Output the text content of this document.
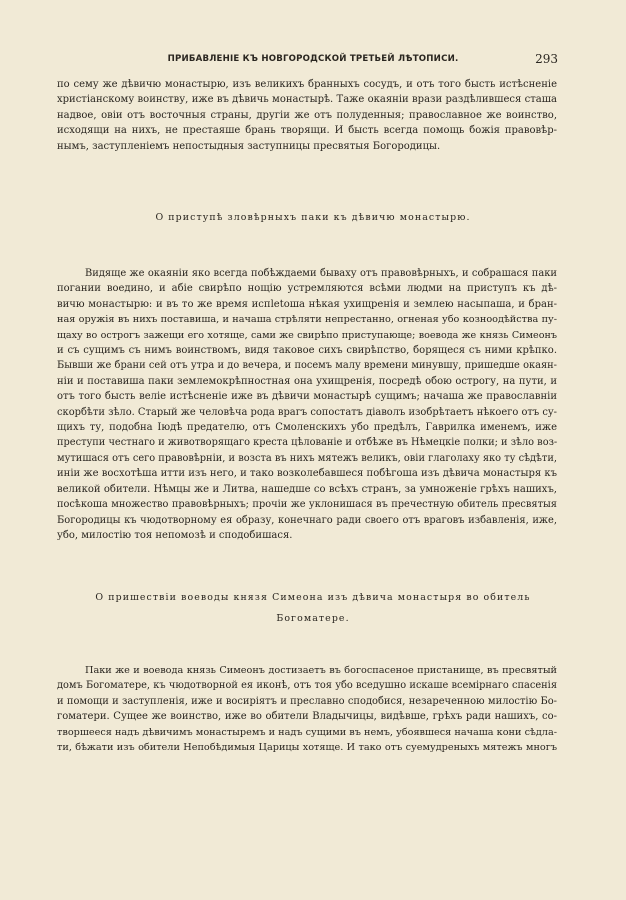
ПРИБАВЛЕНІЕ КЪ НОВГОРОДСКОЙ ТРЕТЬЕЙ ЛѢТОПИСИ.	293
по сему же дѣвичю монастырю, изъ великихъ бранныхъ сосудъ, и отъ того бысть истѣсненіе
христіанскому воинству, иже въ дѣвичь монастырѣ. Таже окаяніи врази раздѣлившеся сташа
надвое, овіи отъ восточныя страны, другіи же отъ полуденныя; православное же воинство,
исходящи на нихъ, не престаяше брань творящи. И бысть всегда помощь божія правовѣр-
нымъ, заступленіемъ непостыдныя заступницы пресвятыя Богородицы.
О приступѣ зловѣрныхъ паки къ дѣвичю монастырю.
Видяще же окаяніи яко всегда побѣждаеми бываху отъ правовѣрныхъ, и собрашася паки
погании воедино, и абіе свирѣпо нощію устремляются всѣми людми на приступъ къ дѣ-
вичю монастырю: и въ то же время испletоша нѣкая ухищренія и землею насыпаша, и бран-
ная оружія въ нихъ поставиша, и начаша стрѣляти непрестанно, огненая убо козноодѣйства пу-
щаху во острогъ зажещи его хотяще, сами же свирѣпо приступающе; воевода же князь Симеонъ
и съ сущимъ съ нимъ воинствомъ, видя таковое сихъ свирѣпство, борящеся съ ними крѣпко.
Бывши же брани сей отъ утра и до вечера, и посемъ малу времени минувшу, пришедше окаян-
ніи и поставиша паки землемокрѣпностная она ухищренія, посредѣ обою острогу, на пути, и
отъ того бысть веліе истѣсненіе иже въ дѣвичи монастырѣ сущимъ; начаша же православніи
скорбѣти зѣло. Старый же человѣча рода врагъ сопостатъ діаволъ изобрѣтаетъ нѣкоего отъ су-
щихъ ту, подобна Іюдѣ предателю, отъ Смоленскихъ убо предѣлъ, Гаврилка именемъ, иже
преступи честнаго и животворящаго креста цѣлованіе и отбѣже въ Нѣмецкіе полки; и зѣло воз-
мутишася отъ сего правовѣрніи, и возста въ нихъ мятежъ великъ, овіи глаголаху яко ту сѣдѣти,
иніи же восхотѣша итти изъ него, и тако возколебавшеся побѣгоша изъ дѣвича монастыря къ
великой обители. Нѣмцы же и Литва, нашедше со всѣхъ странъ, за умноженіе грѣхъ нашихъ,
посѣкоша множество правовѣрныхъ; прочіи же уклонишася въ пречестную обитель пресвятыя
Богородицы къ чюдотворному ея образу, конечнаго ради своего отъ враговъ избавленія, иже,
убо, милостію тоя непомозѣ и сподобишася.
О пришествіи воеводы князя Симеона изъ дѣвича монастыря во обитель
Богоматере.
Паки же и воевода князь Симеонъ достизаетъ въ богоспасеное пристанище, въ пресвятый
домъ Богоматере, къ чюдотворной ея иконѣ, отъ тоя убо вседушно искаше всемірнаго спасенія
и помощи и заступленія, иже и восиріятъ и преславно сподобися, незареченною милостію Бо-
гоматери. Сущее же воинство, иже во обители Владычицы, видѣвше, грѣхъ ради нашихъ, со-
творшееся надъ дѣвичимъ монастыремъ и надъ сущими въ немъ, убоявшеся начаша кони сѣдла-
ти, бѣжати изъ обители Непобѣдимыя Царицы хотяще. И тако отъ суемудреныхъ мятежъ многъ
